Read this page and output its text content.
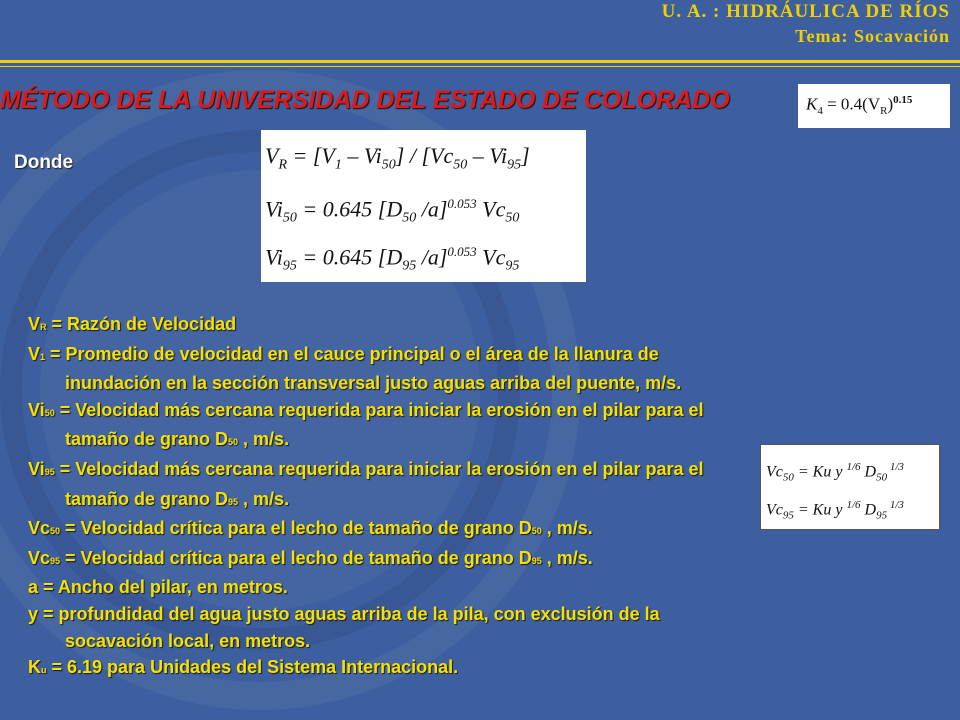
U. A. : HIDRÁULICA DE RÍOS
Tema: Socavación
MÉTODO DE LA UNIVERSIDAD DEL ESTADO DE COLORADO	$K_4 = 0.4(V_R)^{0.15}$
$V_R = [V_1 - Vi_{50}] / [Vc_{50} - Vi_{95}]$
$Vi_{50} = 0.645$ [$D_{50}$ /a]$^{0.053}$ $Vc_{50}$
$Vi_{95} = 0.645$ [$D_{95}$ /a]$^{0.053}$ $Vc_{95}$
$Vc_{50} = Ku$ y $^{1/6}$ $D_{50}$ $^{1/3}$
$Vc_{95} = Ku$ y $^{1/6}$ $D_{95}$ $^{1/3}$
Donde

VR = Razón de Velocidad

V1 = Promedio de velocidad en el cauce principal o el área de la llanura de inundación en la sección transversal justo aguas arriba del puente, m/s.

Vi50 = Velocidad más cercana requerida para iniciar la erosión en el pilar para el tamaño de grano D50 , m/s.

Vi95 = Velocidad más cercana requerida para iniciar la erosión en el pilar para el tamaño de grano D95 , m/s.

Vc50 = Velocidad crítica para el lecho de tamaño de grano D50 , m/s.

Vc95 = Velocidad crítica para el lecho de tamaño de grano D95 , m/s.

a = Ancho del pilar, en metros.

y = profundidad del agua justo aguas arriba de la pila, con exclusión de la socavación local, en metros.

Ku = 6.19 para Unidades del Sistema Internacional.
